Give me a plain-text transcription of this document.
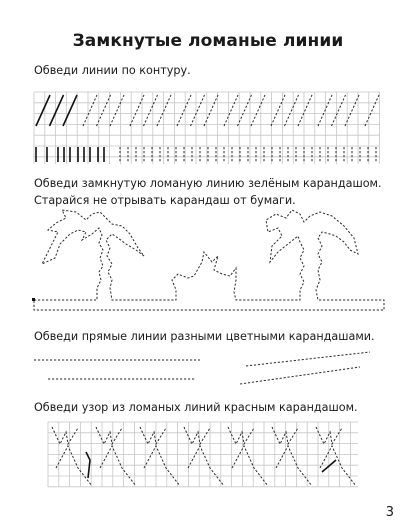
Замкнутые ломаные линии
Обведи линии по контуру.
Обведи замкнутую ломаную линию зелёным карандашом. Старайся не отрывать карандаш от бумаги.
Обведи прямые линии разными цветными карандашами.
Обведи узор из ломаных линий красным карандашом.
3
